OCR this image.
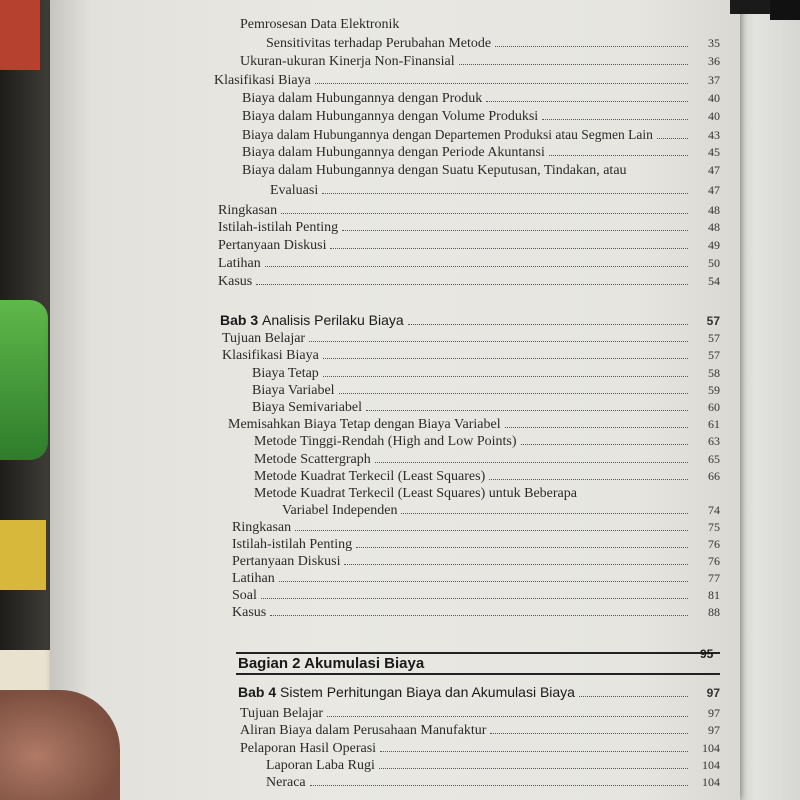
Pemrosesan Data Elektronik
Sensitivitas terhadap Perubahan Metode	35
Ukuran-ukuran Kinerja Non-Finansial	36
Klasifikasi Biaya	37
Biaya dalam Hubungannya dengan Produk	40
Biaya dalam Hubungannya dengan Volume Produksi	40
Biaya dalam Hubungannya dengan Departemen Produksi atau Segmen Lain	43
Biaya dalam Hubungannya dengan Periode Akuntansi	45
Biaya dalam Hubungannya dengan Suatu Keputusan, Tindakan, atau	47
Evaluasi	47
Ringkasan	48
Istilah-istilah Penting	48
Pertanyaan Diskusi	49
Latihan	50
Kasus	54
Bab 3 Analisis Perilaku Biaya	57
Tujuan Belajar	57
Klasifikasi Biaya	57
Biaya Tetap	58
Biaya Variabel	59
Biaya Semivariabel	60
Memisahkan Biaya Tetap dengan Biaya Variabel	61
Metode Tinggi-Rendah (High and Low Points)	63
Metode Scattergraph	65
Metode Kuadrat Terkecil (Least Squares)	66
Metode Kuadrat Terkecil (Least Squares) untuk Beberapa
Variabel Independen	74
Ringkasan	75
Istilah-istilah Penting	76
Pertanyaan Diskusi	76
Latihan	77
Soal	81
Kasus	88
Bagian 2 Akumulasi Biaya
95
Bab 4 Sistem Perhitungan Biaya dan Akumulasi Biaya	97
Tujuan Belajar	97
Aliran Biaya dalam Perusahaan Manufaktur	97
Pelaporan Hasil Operasi	104
Laporan Laba Rugi	104
Neraca	104
